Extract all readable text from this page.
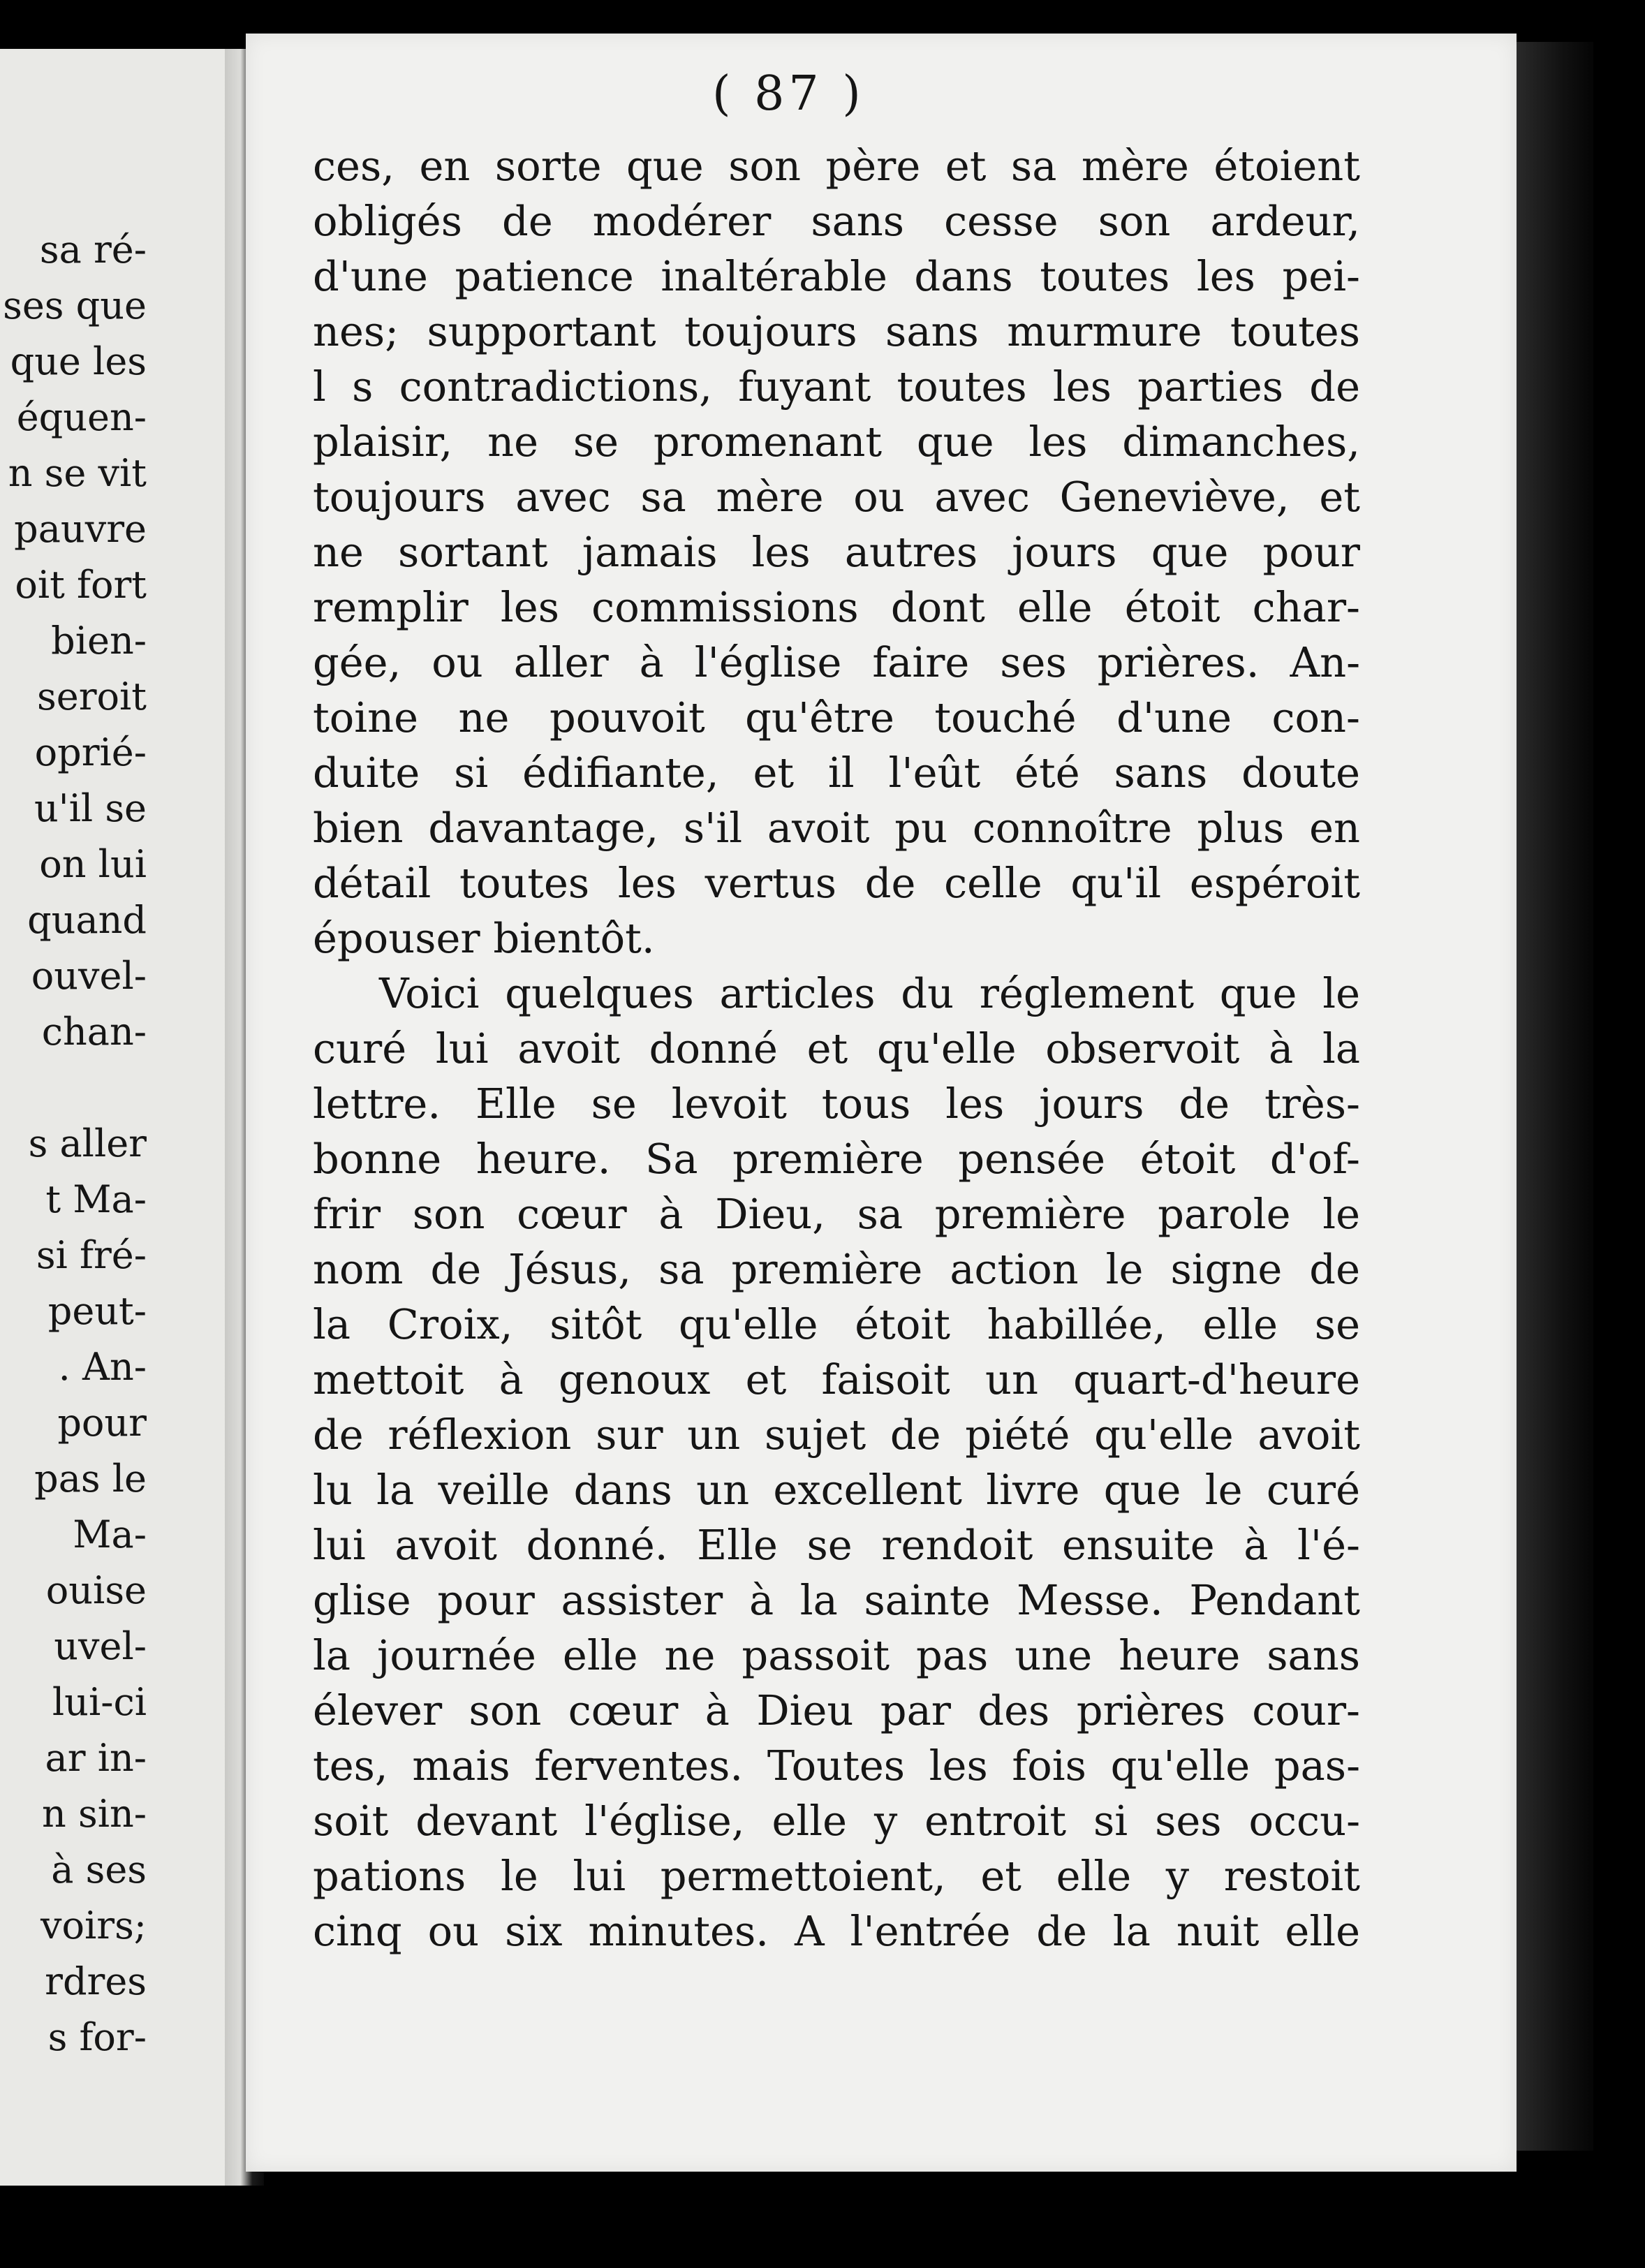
sa ré-
ses que
que les
équen-
n se vit
pauvre
oit fort
bien-
seroit
oprié-
u'il se
on lui
quand
ouvel-
chan-
s aller
t Ma-
si fré-
peut-
. An-
pour
pas le
Ma-
ouise
uvel-
lui-ci
ar in-
n sin-
à ses
voirs;
rdres
s for-
( 87 )
ces, en sorte que son père et sa mère étoient
obligés de modérer sans cesse son ardeur,
d'une patience inaltérable dans toutes les pei-
nes; supportant toujours sans murmure toutes
l s contradictions, fuyant toutes les parties de
plaisir, ne se promenant que les dimanches,
toujours avec sa mère ou avec Geneviève, et
ne sortant jamais les autres jours que pour
remplir les commissions dont elle étoit char-
gée, ou aller à l'église faire ses prières. An-
toine ne pouvoit qu'être touché d'une con-
duite si édifiante, et il l'eût été sans doute
bien davantage, s'il avoit pu connoître plus en
détail toutes les vertus de celle qu'il espéroit
épouser bientôt.
Voici quelques articles du réglement que le
curé lui avoit donné et qu'elle observoit à la
lettre. Elle se levoit tous les jours de très-
bonne heure. Sa première pensée étoit d'of-
frir son cœur à Dieu, sa première parole le
nom de Jésus, sa première action le signe de
la Croix, sitôt qu'elle étoit habillée, elle se
mettoit à genoux et faisoit un quart-d'heure
de réflexion sur un sujet de piété qu'elle avoit
lu la veille dans un excellent livre que le curé
lui avoit donné. Elle se rendoit ensuite à l'é-
glise pour assister à la sainte Messe. Pendant
la journée elle ne passoit pas une heure sans
élever son cœur à Dieu par des prières cour-
tes, mais ferventes. Toutes les fois qu'elle pas-
soit devant l'église, elle y entroit si ses occu-
pations le lui permettoient, et elle y restoit
cinq ou six minutes. A l'entrée de la nuit elle
